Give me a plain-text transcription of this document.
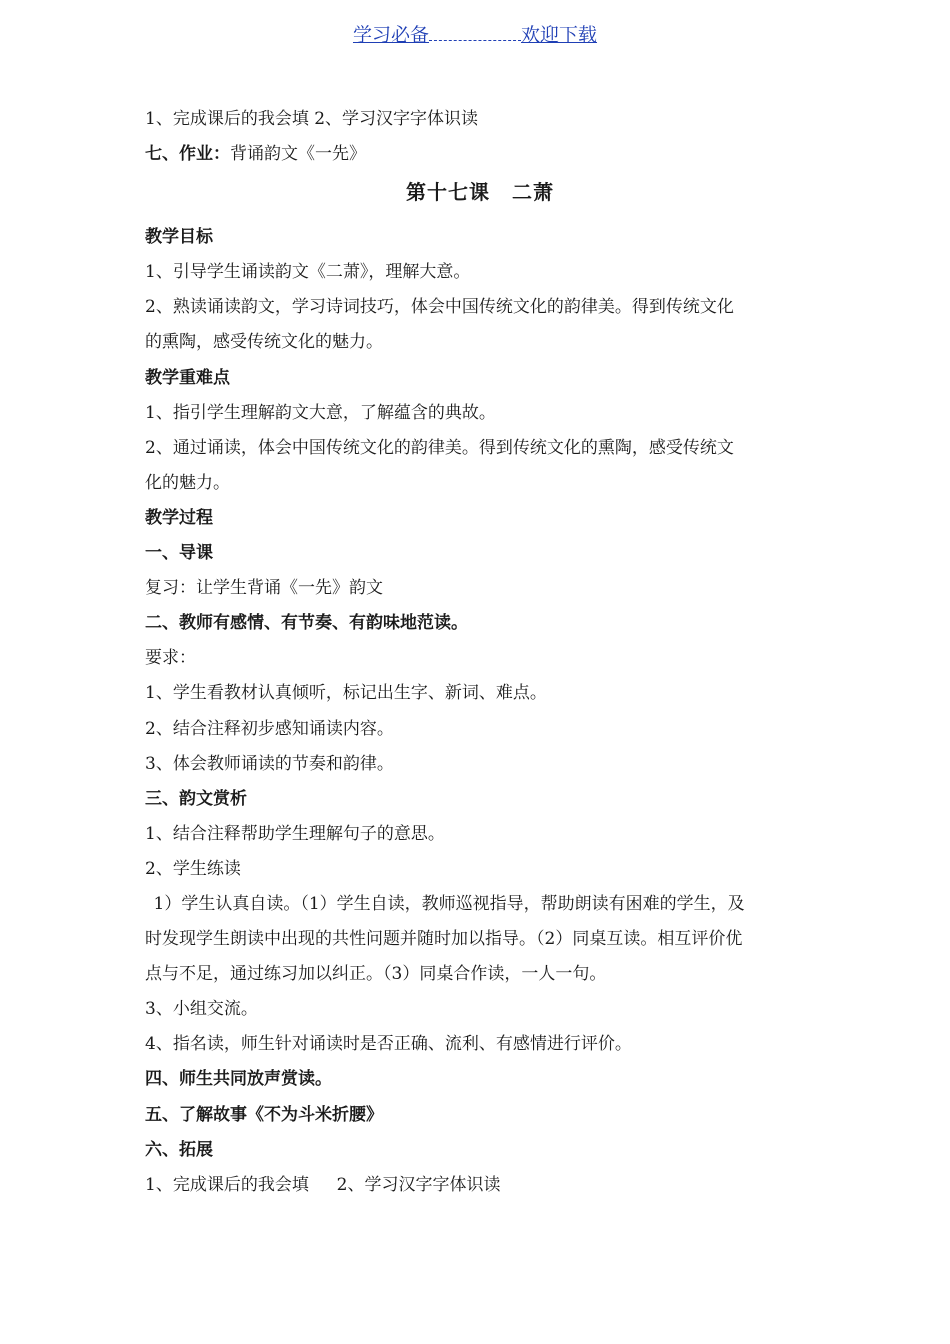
学习必备	欢迎下载
1、完成课后的我会填 2、学习汉字字体识读
七、作业：背诵韵文《一先》
第十七课 二萧
教学目标
1、引导学生诵读韵文《二萧》，理解大意。
2、熟读诵读韵文，学习诗词技巧，体会中国传统文化的韵律美。得到传统文化
的熏陶，感受传统文化的魅力。
教学重难点
1、指引学生理解韵文大意，了解蕴含的典故。
2、通过诵读，体会中国传统文化的韵律美。得到传统文化的熏陶，感受传统文
化的魅力。
教学过程
一、导课
复习：让学生背诵《一先》韵文
二、教师有感情、有节奏、有韵味地范读。
要求：
1、学生看教材认真倾听，标记出生字、新词、难点。
2、结合注释初步感知诵读内容。
3、体会教师诵读的节奏和韵律。
三、韵文赏析
1、结合注释帮助学生理解句子的意思。
2、学生练读
1）学生认真自读。（1）学生自读，教师巡视指导，帮助朗读有困难的学生，及
时发现学生朗读中出现的共性问题并随时加以指导。（2）同桌互读。相互评价优
点与不足，通过练习加以纠正。（3）同桌合作读，一人一句。
3、小组交流。
4、指名读，师生针对诵读时是否正确、流利、有感情进行评价。
四、师生共同放声赏读。
五、了解故事《不为斗米折腰》
六、拓展
1、完成课后的我会填　  2、学习汉字字体识读
